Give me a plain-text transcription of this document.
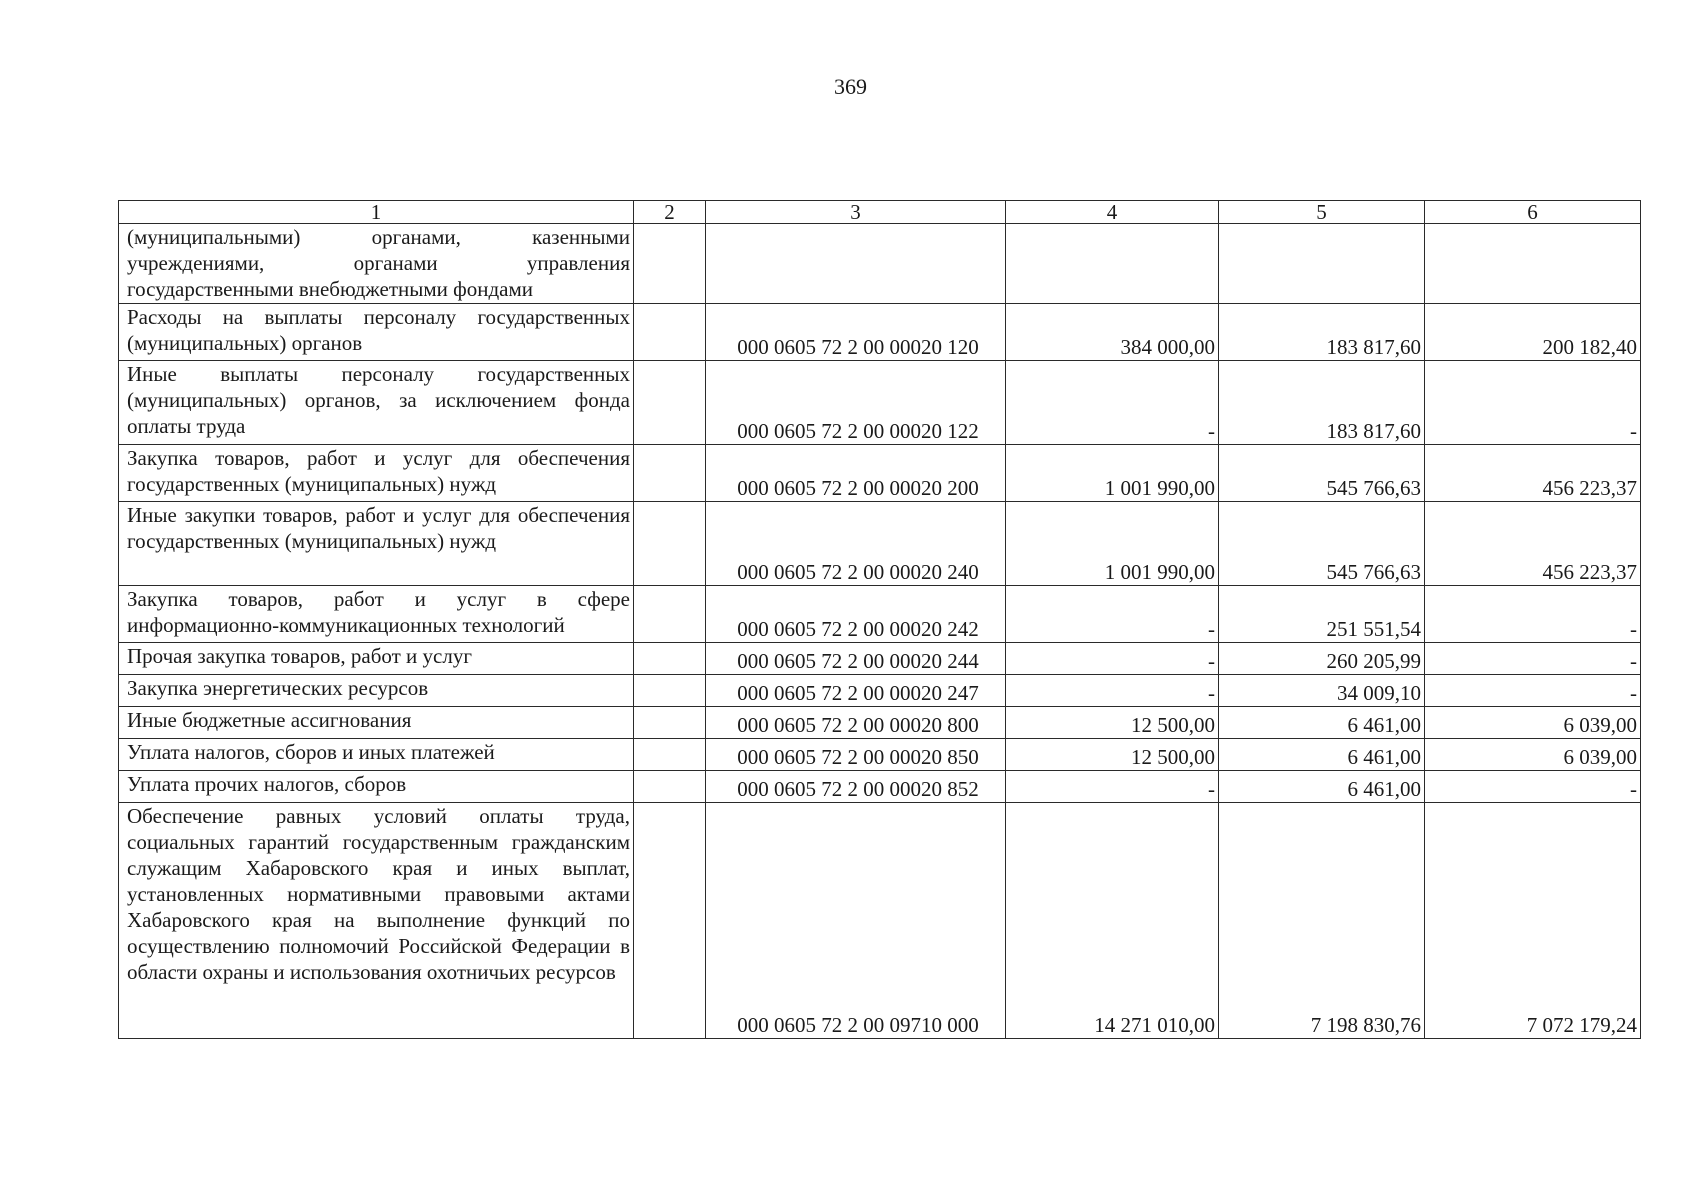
369
1	2	3	4	5	6
(муниципальными) органами, казенными учреждениями, органами управления государственными внебюджетными фондами					
Расходы на выплаты персоналу государственных (муниципальных) органов		000 0605 72 2 00 00020 120	384 000,00	183 817,60	200 182,40
Иные выплаты персоналу государственных (муниципальных) органов, за исключением фонда оплаты труда		000 0605 72 2 00 00020 122	-	183 817,60	-
Закупка товаров, работ и услуг для обеспечения государственных (муниципальных) нужд		000 0605 72 2 00 00020 200	1 001 990,00	545 766,63	456 223,37
Иные закупки товаров, работ и услуг для обеспечения государственных (муниципальных) нужд		000 0605 72 2 00 00020 240	1 001 990,00	545 766,63	456 223,37
Закупка товаров, работ и услуг в сфере информационно-коммуникационных технологий		000 0605 72 2 00 00020 242	-	251 551,54	-
Прочая закупка товаров, работ и услуг		000 0605 72 2 00 00020 244	-	260 205,99	-
Закупка энергетических ресурсов		000 0605 72 2 00 00020 247	-	34 009,10	-
Иные бюджетные ассигнования		000 0605 72 2 00 00020 800	12 500,00	6 461,00	6 039,00
Уплата налогов, сборов и иных платежей		000 0605 72 2 00 00020 850	12 500,00	6 461,00	6 039,00
Уплата прочих налогов, сборов		000 0605 72 2 00 00020 852	-	6 461,00	-
Обеспечение равных условий оплаты труда, социальных гарантий государственным гражданским служащим Хабаровского края и иных выплат, установленных нормативными правовыми актами Хабаровского края на выполнение функций по осуществлению полномочий Российской Федерации в области охраны и использования охотничьих ресурсов		000 0605 72 2 00 09710 000	14 271 010,00	7 198 830,76	7 072 179,24
